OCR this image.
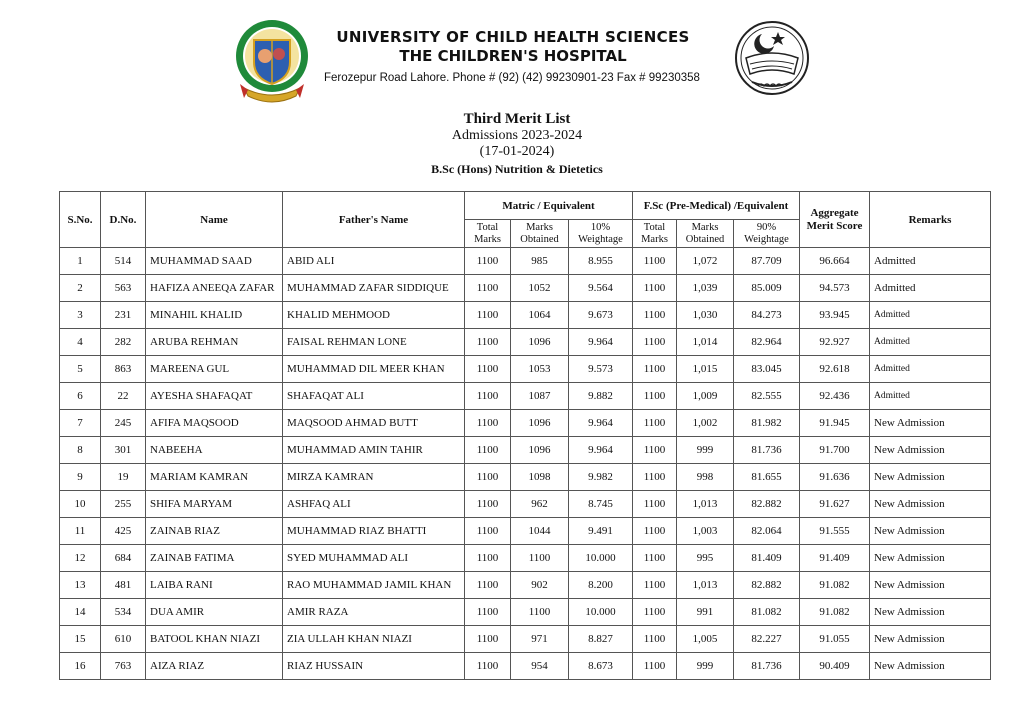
UNIVERSITY OF CHILD HEALTH SCIENCES
THE CHILDREN'S HOSPITAL
Ferozepur Road Lahore. Phone # (92) (42) 99230901-23 Fax # 99230358
Third Merit List
Admissions 2023-2024
(17-01-2024)
B.Sc (Hons) Nutrition & Dietetics
S.No.	D.No.	Name	Father's Name	Matric / Equivalent			F.Sc (Pre-Medical) /Equivalent			Aggregate Merit Score	Remarks
				Total Marks	Marks Obtained	10% Weightage	Total Marks	Marks Obtained	90% Weightage		
1	514	MUHAMMAD SAAD	ABID ALI	1100	985	8.955	1100	1,072	87.709	96.664	Admitted
2	563	HAFIZA ANEEQA ZAFAR	MUHAMMAD ZAFAR SIDDIQUE	1100	1052	9.564	1100	1,039	85.009	94.573	Admitted
3	231	MINAHIL KHALID	KHALID MEHMOOD	1100	1064	9.673	1100	1,030	84.273	93.945	Admitted
4	282	ARUBA REHMAN	FAISAL REHMAN LONE	1100	1096	9.964	1100	1,014	82.964	92.927	Admitted
5	863	MAREENA GUL	MUHAMMAD DIL MEER KHAN	1100	1053	9.573	1100	1,015	83.045	92.618	Admitted
6	22	AYESHA SHAFAQAT	SHAFAQAT ALI	1100	1087	9.882	1100	1,009	82.555	92.436	Admitted
7	245	AFIFA MAQSOOD	MAQSOOD AHMAD BUTT	1100	1096	9.964	1100	1,002	81.982	91.945	New Admission
8	301	NABEEHA	MUHAMMAD AMIN TAHIR	1100	1096	9.964	1100	999	81.736	91.700	New Admission
9	19	MARIAM KAMRAN	MIRZA KAMRAN	1100	1098	9.982	1100	998	81.655	91.636	New Admission
10	255	SHIFA MARYAM	ASHFAQ ALI	1100	962	8.745	1100	1,013	82.882	91.627	New Admission
11	425	ZAINAB RIAZ	MUHAMMAD RIAZ BHATTI	1100	1044	9.491	1100	1,003	82.064	91.555	New Admission
12	684	ZAINAB FATIMA	SYED MUHAMMAD ALI	1100	1100	10.000	1100	995	81.409	91.409	New Admission
13	481	LAIBA RANI	RAO MUHAMMAD JAMIL KHAN	1100	902	8.200	1100	1,013	82.882	91.082	New Admission
14	534	DUA AMIR	AMIR RAZA	1100	1100	10.000	1100	991	81.082	91.082	New Admission
15	610	BATOOL KHAN NIAZI	ZIA ULLAH KHAN NIAZI	1100	971	8.827	1100	1,005	82.227	91.055	New Admission
16	763	AIZA RIAZ	RIAZ HUSSAIN	1100	954	8.673	1100	999	81.736	90.409	New Admission
